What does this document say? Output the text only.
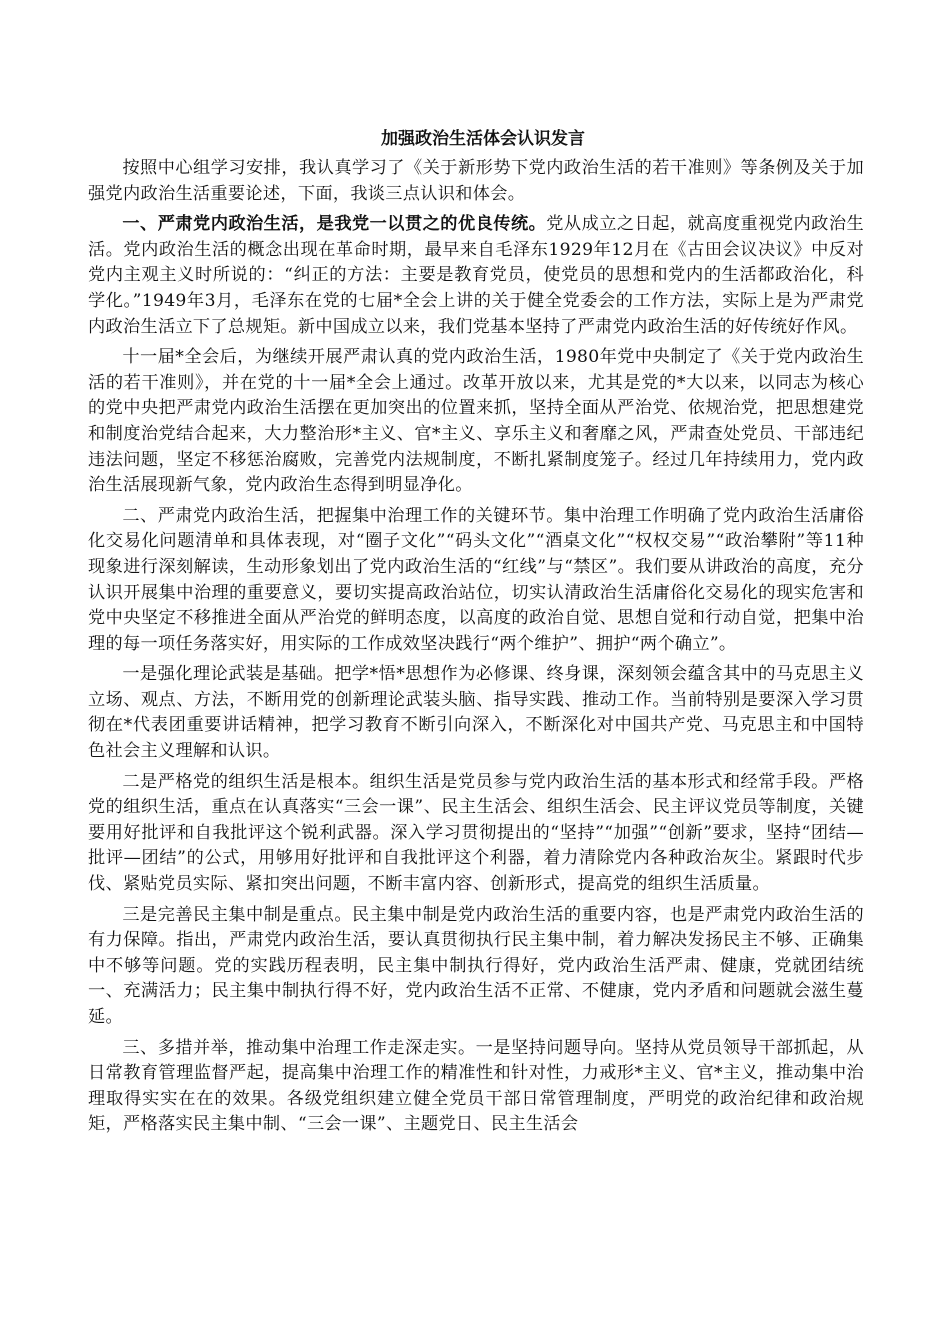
加强政治生活体会认识发言

按照中心组学习安排，我认真学习了《关于新形势下党内政治生活的若干准则》等条例及关于加强党内政治生活重要论述，下面，我谈三点认识和体会。

一、严肃党内政治生活，是我党一以贯之的优良传统。党从成立之日起，就高度重视党内政治生活。党内政治生活的概念出现在革命时期，最早来自毛泽东1929年12月在《古田会议决议》中反对党内主观主义时所说的：“纠正的方法：主要是教育党员，使党员的思想和党内的生活都政治化，科学化。”1949年3月，毛泽东在党的七届*全会上讲的关于健全党委会的工作方法，实际上是为严肃党内政治生活立下了总规矩。新中国成立以来，我们党基本坚持了严肃党内政治生活的好传统好作风。

十一届*全会后，为继续开展严肃认真的党内政治生活，1980年党中央制定了《关于党内政治生活的若干准则》，并在党的十一届*全会上通过。改革开放以来，尤其是党的*大以来，以同志为核心的党中央把严肃党内政治生活摆在更加突出的位置来抓，坚持全面从严治党、依规治党，把思想建党和制度治党结合起来，大力整治形*主义、官*主义、享乐主义和奢靡之风，严肃查处党员、干部违纪违法问题，坚定不移惩治腐败，完善党内法规制度，不断扎紧制度笼子。经过几年持续用力，党内政治生活展现新气象，党内政治生态得到明显净化。

二、严肃党内政治生活，把握集中治理工作的关键环节。集中治理工作明确了党内政治生活庸俗化交易化问题清单和具体表现，对“圈子文化”“码头文化”“酒桌文化”“权权交易”“政治攀附”等11种现象进行深刻解读，生动形象划出了党内政治生活的“红线”与“禁区”。我们要从讲政治的高度，充分认识开展集中治理的重要意义，要切实提高政治站位，切实认清政治生活庸俗化交易化的现实危害和党中央坚定不移推进全面从严治党的鲜明态度，以高度的政治自觉、思想自觉和行动自觉，把集中治理的每一项任务落实好，用实际的工作成效坚决践行“两个维护”、拥护“两个确立”。

一是强化理论武装是基础。把学*悟*思想作为必修课、终身课，深刻领会蕴含其中的马克思主义立场、观点、方法，不断用党的创新理论武装头脑、指导实践、推动工作。当前特别是要深入学习贯彻在*代表团重要讲话精神，把学习教育不断引向深入，不断深化对中国共产党、马克思主和中国特色社会主义理解和认识。

二是严格党的组织生活是根本。组织生活是党员参与党内政治生活的基本形式和经常手段。严格党的组织生活，重点在认真落实“三会一课”、民主生活会、组织生活会、民主评议党员等制度，关键要用好批评和自我批评这个锐利武器。深入学习贯彻提出的“坚持”“加强”“创新”要求，坚持“团结—批评—团结”的公式，用够用好批评和自我批评这个利器，着力清除党内各种政治灰尘。紧跟时代步伐、紧贴党员实际、紧扣突出问题，不断丰富内容、创新形式，提高党的组织生活质量。

三是完善民主集中制是重点。民主集中制是党内政治生活的重要内容，也是严肃党内政治生活的有力保障。指出，严肃党内政治生活，要认真贯彻执行民主集中制，着力解决发扬民主不够、正确集中不够等问题。党的实践历程表明，民主集中制执行得好，党内政治生活严肃、健康，党就团结统一、充满活力；民主集中制执行得不好，党内政治生活不正常、不健康，党内矛盾和问题就会滋生蔓延。

三、多措并举，推动集中治理工作走深走实。一是坚持问题导向。坚持从党员领导干部抓起，从日常教育管理监督严起，提高集中治理工作的精准性和针对性，力戒形*主义、官*主义，推动集中治理取得实实在在的效果。各级党组织建立健全党员干部日常管理制度，严明党的政治纪律和政治规矩，严格落实民主集中制、“三会一课”、主题党日、民主生活会
